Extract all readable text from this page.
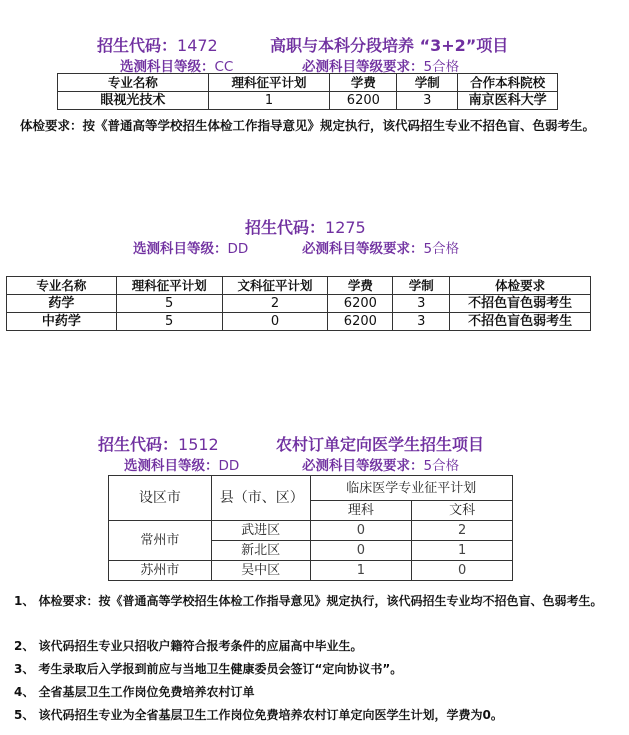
招生代码：1472	高职与本科分段培养 “3+2”项目
选测科目等级：CC	必测科目等级要求：5合格
专业名称	理科征平计划	学费	学制	合作本科院校
眼视光技术	1	6200	3	南京医科大学
体检要求：按《普通高等学校招生体检工作指导意见》规定执行，该代码招生专业不招色盲、色弱考生。
招生代码：1275
选测科目等级：DD	必测科目等级要求：5合格
专业名称	理科征平计划	文科征平计划	学费	学制	体检要求
药学	5	2	6200	3	不招色盲色弱考生
中药学	5	0	6200	3	不招色盲色弱考生
招生代码：1512	农村订单定向医学生招生项目
选测科目等级：DD	必测科目等级要求：5合格
设区市	县（市、区）	临床医学专业征平计划	
		理科	文科
常州市	武进区	0	2
	新北区	0	1
苏州市	吴中区	1	0
1、 体检要求：按《普通高等学校招生体检工作指导意见》规定执行，该代码招生专业均不招色盲、色弱考生。
2、 该代码招生专业只招收户籍符合报考条件的应届高中毕业生。
3、 考生录取后入学报到前应与当地卫生健康委员会签订“定向协议书”。
4、 全省基层卫生工作岗位免费培养农村订单
5、 该代码招生专业为全省基层卫生工作岗位免费培养农村订单定向医学生计划，学费为0。
